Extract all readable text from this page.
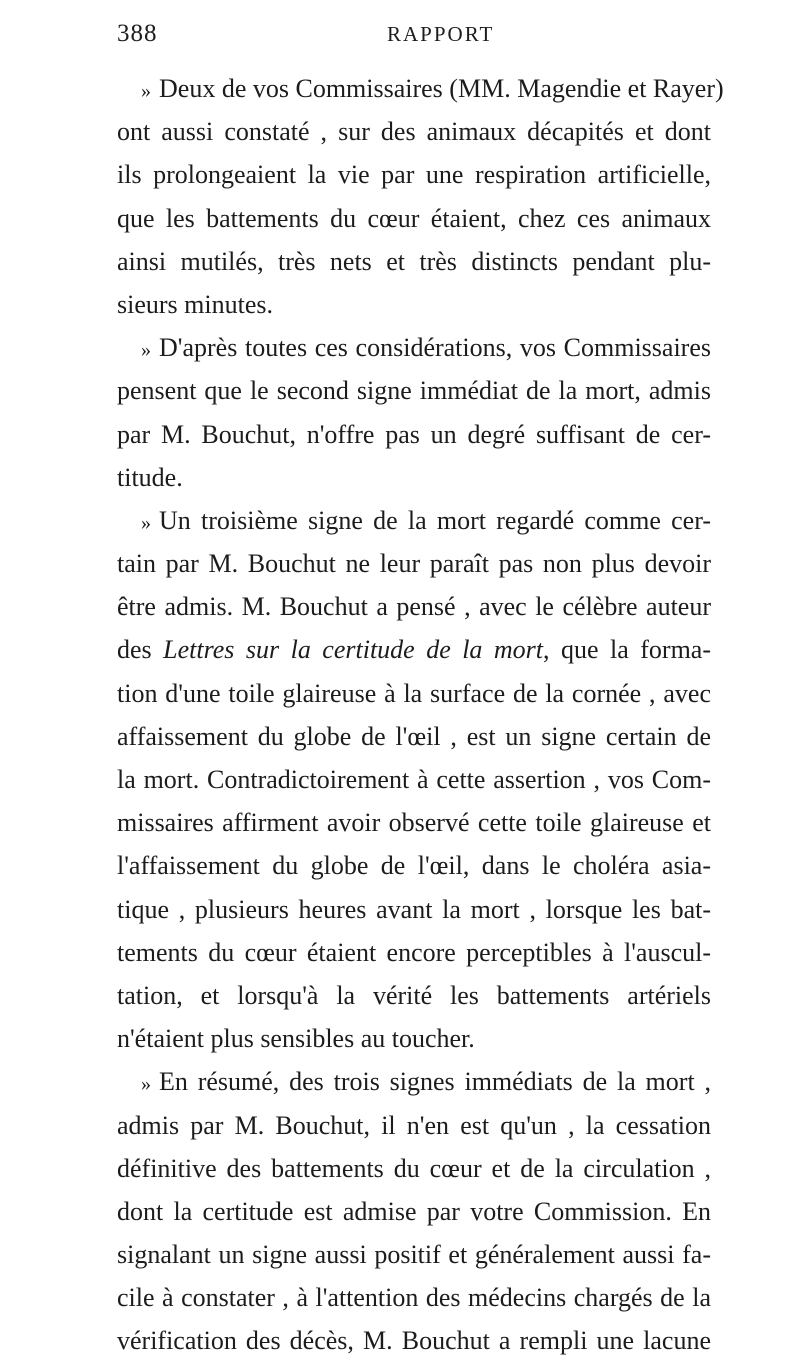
388	RAPPORT
» Deux de vos Commissaires (MM. Magendie et Rayer)
ont aussi constaté , sur des animaux décapités et dont
ils prolongeaient la vie par une respiration artificielle,
que les battements du cœur étaient, chez ces animaux
ainsi mutilés, très nets et très distincts pendant plu-
sieurs minutes.
» D'après toutes ces considérations, vos Commissaires
pensent que le second signe immédiat de la mort, admis
par M. Bouchut, n'offre pas un degré suffisant de cer-
titude.
» Un troisième signe de la mort regardé comme cer-
tain par M. Bouchut ne leur paraît pas non plus devoir
être admis. M. Bouchut a pensé , avec le célèbre auteur
des Lettres sur la certitude de la mort, que la forma-
tion d'une toile glaireuse à la surface de la cornée , avec
affaissement du globe de l'œil , est un signe certain de
la mort. Contradictoirement à cette assertion , vos Com-
missaires affirment avoir observé cette toile glaireuse et
l'affaissement du globe de l'œil, dans le choléra asia-
tique , plusieurs heures avant la mort , lorsque les bat-
tements du cœur étaient encore perceptibles à l'auscul-
tation, et lorsqu'à la vérité les battements artériels
n'étaient plus sensibles au toucher.
» En résumé, des trois signes immédiats de la mort ,
admis par M. Bouchut, il n'en est qu'un , la cessation
définitive des battements du cœur et de la circulation ,
dont la certitude est admise par votre Commission. En
signalant un signe aussi positif et généralement aussi fa-
cile à constater , à l'attention des médecins chargés de la
vérification des décès, M. Bouchut a rempli une lacune
